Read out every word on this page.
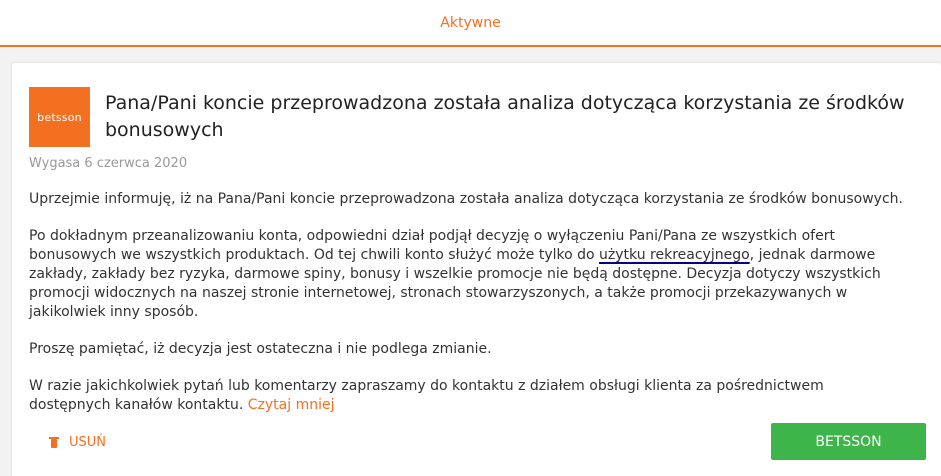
Aktywne
betsson
Pana/Pani koncie przeprowadzona została analiza dotycząca korzystania ze środków bonusowych
Wygasa 6 czerwca 2020

Uprzejmie informuję, iż na Pana/Pani koncie przeprowadzona została analiza dotycząca korzystania ze środków bonusowych.

Po dokładnym przeanalizowaniu konta, odpowiedni dział podjął decyzję o wyłączeniu Pani/Pana ze wszystkich ofert bonusowych we wszystkich produktach. Od tej chwili konto służyć może tylko do użytku rekreacyjnego, jednak darmowe zakłady, zakłady bez ryzyka, darmowe spiny, bonusy i wszelkie promocje nie będą dostępne. Decyzja dotyczy wszystkich promocji widocznych na naszej stronie internetowej, stronach stowarzyszonych, a także promocji przekazywanych w jakikolwiek inny sposób.

Proszę pamiętać, iż decyzja jest ostateczna i nie podlega zmianie.

W razie jakichkolwiek pytań lub komentarzy zapraszamy do kontaktu z działem obsługi klienta za pośrednictwem dostępnych kanałów kontaktu. Czytaj mniej

USUŃ	BETSSON
